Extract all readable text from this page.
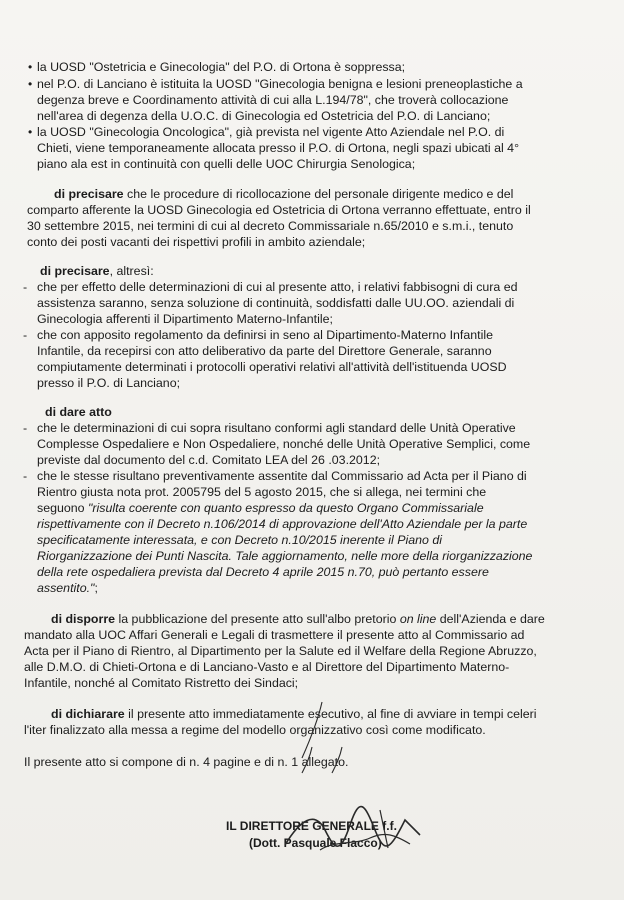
• la UOSD "Ostetricia e Ginecologia" del P.O. di Ortona è soppressa;
• nel P.O. di Lanciano è istituita la UOSD "Ginecologia benigna e lesioni preneoplastiche a
degenza breve e Coordinamento attività di cui alla L.194/78", che troverà collocazione
nell'area di degenza della U.O.C. di Ginecologia ed Ostetricia del P.O. di Lanciano;
• la UOSD "Ginecologia Oncologica", già prevista nel vigente Atto Aziendale nel P.O. di
Chieti, viene temporaneamente allocata presso il P.O. di Ortona, negli spazi ubicati al 4°
piano ala est in continuità con quelli delle UOC Chirurgia Senologica;
di precisare che le procedure di ricollocazione del personale dirigente medico e del
comparto afferente la UOSD Ginecologia ed Ostetricia di Ortona verranno effettuate, entro il
30 settembre 2015, nei termini di cui al decreto Commissariale n.65/2010 e s.m.i., tenuto
conto dei posti vacanti dei rispettivi profili in ambito aziendale;
di precisare, altresì:
- che per effetto delle determinazioni di cui al presente atto, i relativi fabbisogni di cura ed
assistenza saranno, senza soluzione di continuità, soddisfatti dalle UU.OO. aziendali di
Ginecologia afferenti il Dipartimento Materno-Infantile;
- che con apposito regolamento da definirsi in seno al Dipartimento-Materno Infantile
Infantile, da recepirsi con atto deliberativo da parte del Direttore Generale, saranno
compiutamente determinati i protocolli operativi relativi all'attività dell'istituenda UOSD
presso il P.O. di Lanciano;
di dare atto
- che le determinazioni di cui sopra risultano conformi agli standard delle Unità Operative
Complesse Ospedaliere e Non Ospedaliere, nonché delle Unità Operative Semplici, come
previste dal documento del c.d. Comitato LEA del 26 .03.2012;
- che le stesse risultano preventivamente assentite dal Commissario ad Acta per il Piano di
Rientro giusta nota prot. 2005795 del 5 agosto 2015, che si allega, nei termini che
seguono "risulta coerente con quanto espresso da questo Organo Commissariale
rispettivamente con il Decreto n.106/2014 di approvazione dell'Atto Aziendale per la parte
specificatamente interessata, e con Decreto n.10/2015 inerente il Piano di
Riorganizzazione dei Punti Nascita. Tale aggiornamento, nelle more della riorganizzazione
della rete ospedaliera prevista dal Decreto 4 aprile 2015 n.70, può pertanto essere
assentito.";
di disporre la pubblicazione del presente atto sull'albo pretorio on line dell'Azienda e dare
mandato alla UOC Affari Generali e Legali di trasmettere il presente atto al Commissario ad
Acta per il Piano di Rientro, al Dipartimento per la Salute ed il Welfare della Regione Abruzzo,
alle D.M.O. di Chieti-Ortona e di Lanciano-Vasto e al Direttore del Dipartimento Materno-
Infantile, nonché al Comitato Ristretto dei Sindaci;
di dichiarare il presente atto immediatamente esecutivo, al fine di avviare in tempi celeri
l'iter finalizzato alla messa a regime del modello organizzativo così come modificato.
Il presente atto si compone di n. 4 pagine e di n. 1 allegato.
IL DIRETTORE GENERALE f.f.
(Dott. Pasquale Flacco)
